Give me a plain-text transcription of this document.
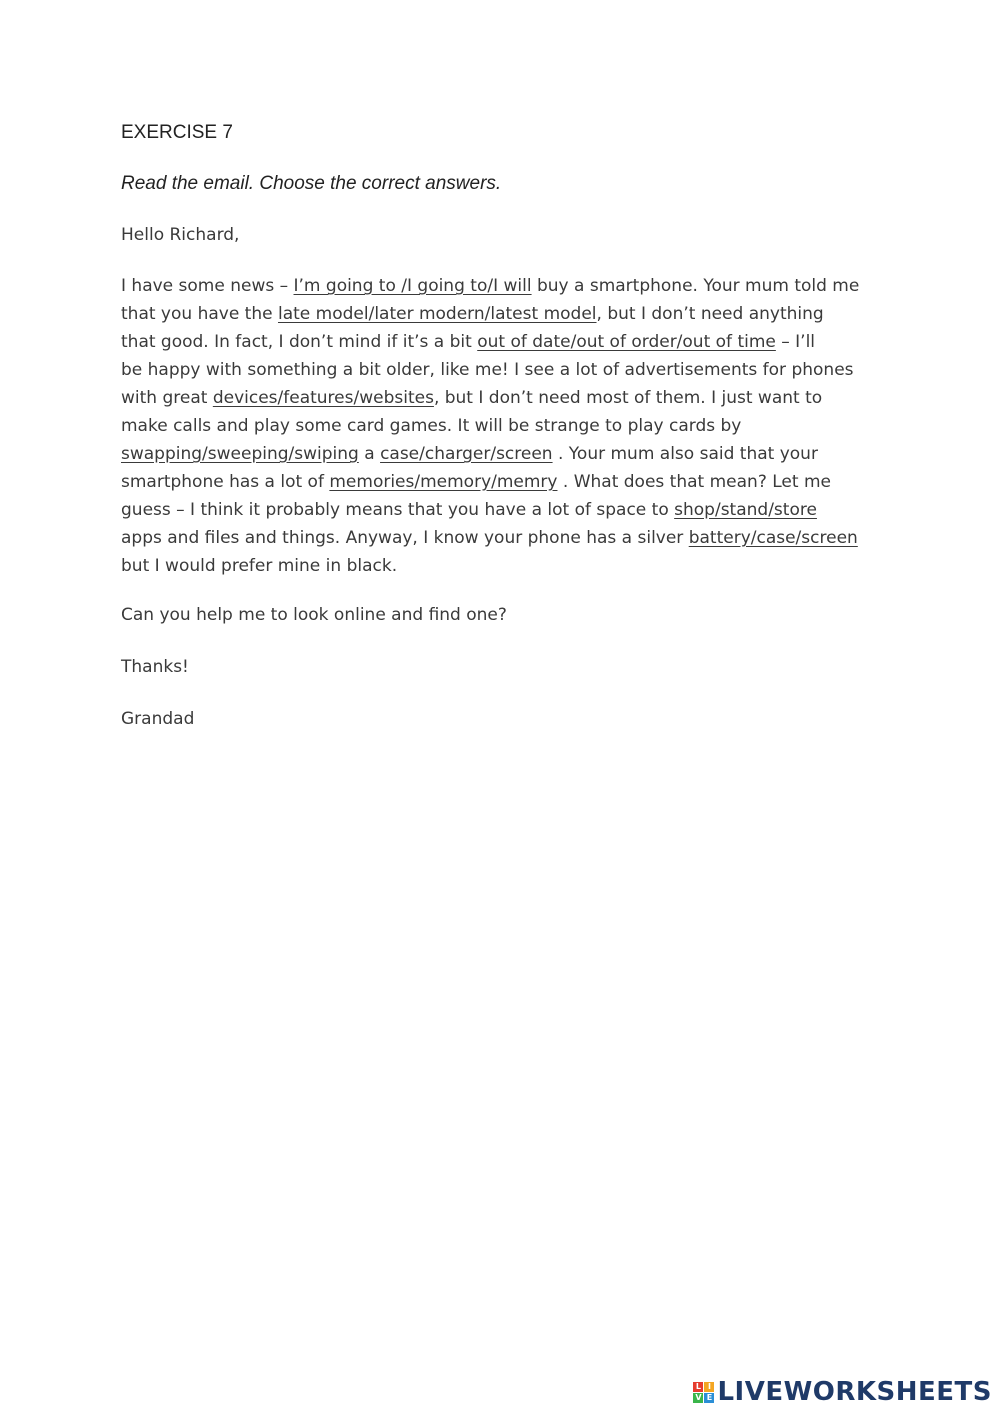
EXERCISE 7
Read the email. Choose the correct answers.
Hello Richard,
I have some news – I’m going to /I going to/I will buy a smartphone. Your mum told me
that you have the late model/later modern/latest model, but I don’t need anything
that good. In fact, I don’t mind if it’s a bit out of date/out of order/out of time – I’ll
be happy with something a bit older, like me! I see a lot of advertisements for phones
with great devices/features/websites, but I don’t need most of them. I just want to
make calls and play some card games. It will be strange to play cards by
swapping/sweeping/swiping a case/charger/screen . Your mum also said that your
smartphone has a lot of memories/memory/memry . What does that mean? Let me
guess – I think it probably means that you have a lot of space to shop/stand/store
apps and files and things. Anyway, I know your phone has a silver battery/case/screen
but I would prefer mine in black.
Can you help me to look online and find one?
Thanks!
Grandad
L I
V E LIVEWORKSHEETS
